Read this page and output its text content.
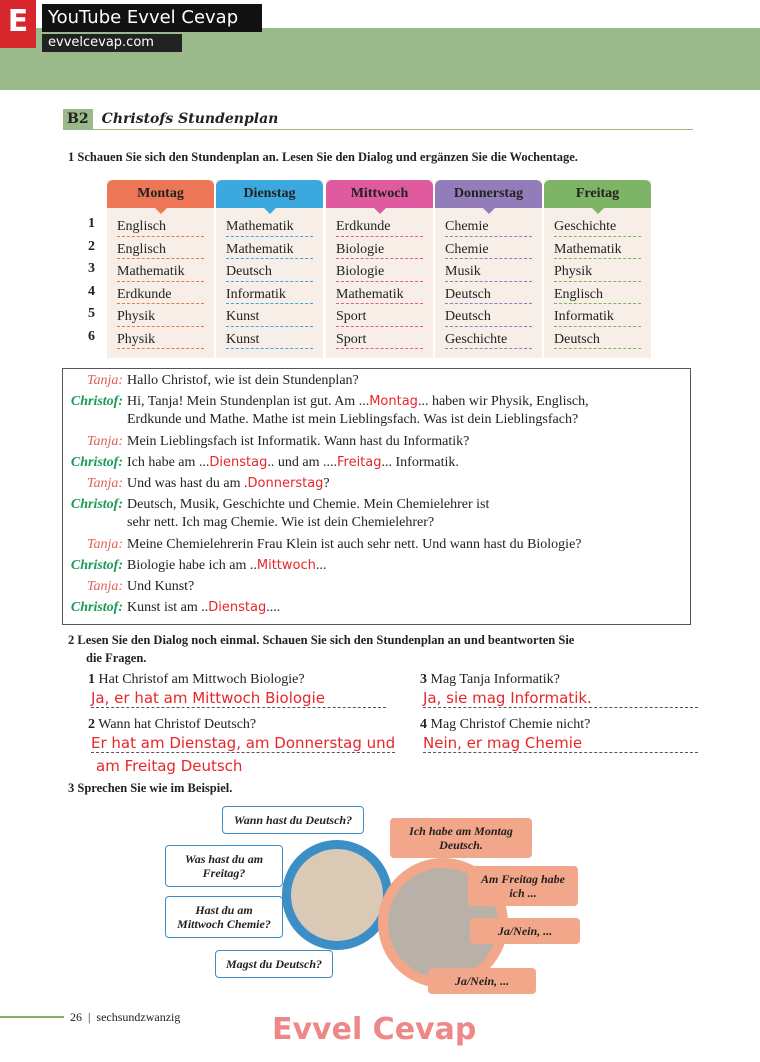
E	YouTube Evvel Cevap
evvelcevap.com
B2 Christofs Stundenplan
1 Schauen Sie sich den Stundenplan an. Lesen Sie den Dialog und ergänzen Sie die Wochentage.
1
2
3
4
5
6
Montag
Englisch
Englisch
Mathematik
Erdkunde
Physik
Physik
Dienstag
Mathematik
Mathematik
Deutsch
Informatik
Kunst
Kunst
Mittwoch
Erdkunde
Biologie
Biologie
Mathematik
Sport
Sport
Donnerstag
Chemie
Chemie
Musik
Deutsch
Deutsch
Geschichte
Freitag
Geschichte
Mathematik
Physik
Englisch
Informatik
Deutsch
Tanja: Hallo Christof, wie ist dein Stundenplan?
Christof: Hi, Tanja! Mein Stundenplan ist gut. Am ...Montag... haben wir Physik, Englisch,
Erdkunde und Mathe. Mathe ist mein Lieblingsfach. Was ist dein Lieblingsfach?
Tanja: Mein Lieblingsfach ist Informatik. Wann hast du Informatik?
Christof: Ich habe am ...Dienstag.. und am ....Freitag... Informatik.
Tanja: Und was hast du am .Donnerstag?
Christof: Deutsch, Musik, Geschichte und Chemie. Mein Chemielehrer ist
sehr nett. Ich mag Chemie. Wie ist dein Chemielehrer?
Tanja: Meine Chemielehrerin Frau Klein ist auch sehr nett. Und wann hast du Biologie?
Christof: Biologie habe ich am ..Mittwoch...
Tanja: Und Kunst?
Christof: Kunst ist am ..Dienstag....
2 Lesen Sie den Dialog noch einmal. Schauen Sie sich den Stundenplan an und beantworten Sie
die Fragen.
1 Hat Christof am Mittwoch Biologie?
Ja, er hat am Mittwoch Biologie
2 Wann hat Christof Deutsch?
Er hat am Dienstag, am Donnerstag und
am Freitag Deutsch
3 Mag Tanja Informatik?
Ja, sie mag Informatik.
4 Mag Christof Chemie nicht?
Nein, er mag Chemie
3 Sprechen Sie wie im Beispiel.
Wann hast du Deutsch?
Was hast du am Freitag?
Hast du am Mittwoch Chemie?
Magst du Deutsch?
Ich habe am Montag Deutsch.
Am Freitag habe ich ...
Ja/Nein, ...
Ja/Nein, ...
26  |  sechsundzwanzig	Evvel Cevap
